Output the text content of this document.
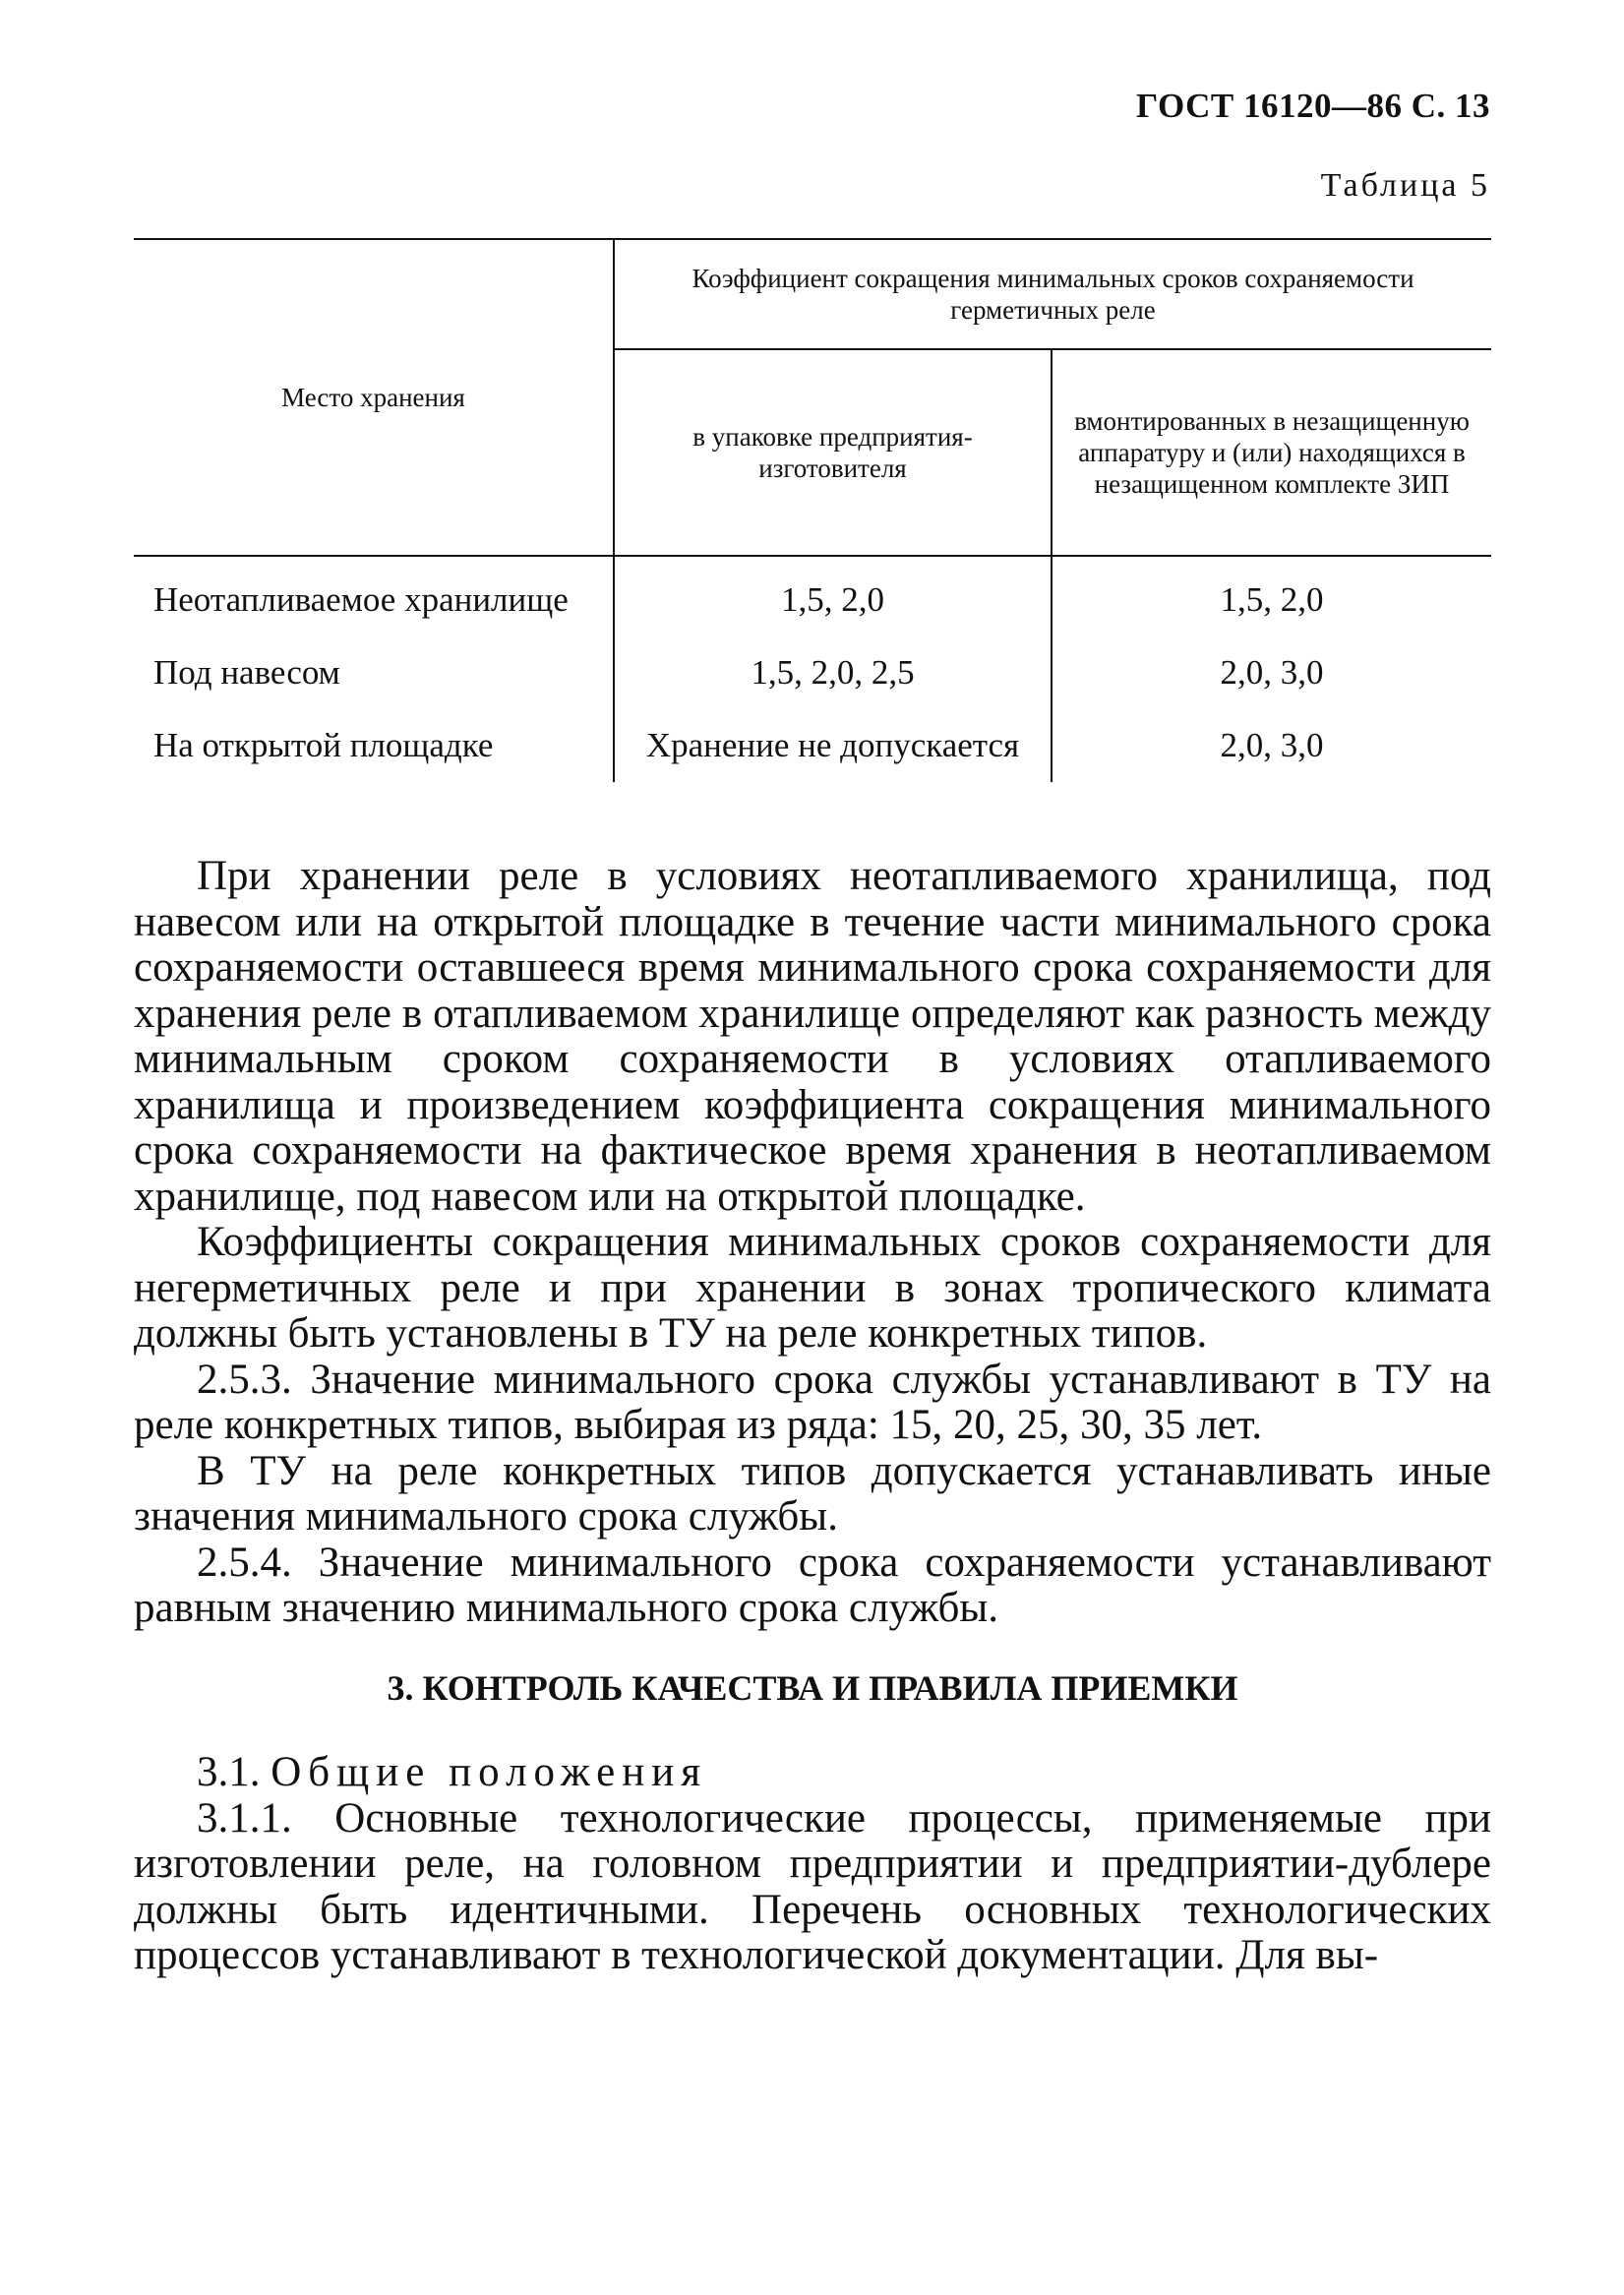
ГОСТ 16120—86 С. 13
Таблица 5
Место хранения	Коэффициент сокращения минимальных сроков сохраняемости герметичных реле	
	в упаковке предприятия-изготовителя	вмонтированных в незащищенную аппаратуру и (или) находящихся в незащищенном комплекте ЗИП
Неотапливаемое хранилище	1,5, 2,0	1,5, 2,0
Под навесом	1,5, 2,0, 2,5	2,0, 3,0
На открытой площадке	Хранение не допускается	2,0, 3,0

При хранении реле в условиях неотапливаемого хранилища, под навесом или на открытой площадке в течение части минимального срока сохраняемости оставшееся время минимального срока сохраняемости для хранения реле в отапливаемом хранилище определяют как разность между минимальным сроком сохраняемости в условиях отапливаемого хранилища и произведением коэффициента сокращения минимального срока сохраняемости на фактическое время хранения в неотапливаемом хранилище, под навесом или на открытой площадке.

Коэффициенты сокращения минимальных сроков сохраняемости для негерметичных реле и при хранении в зонах тропического климата должны быть установлены в ТУ на реле конкретных типов.

2.5.3. Значение минимального срока службы устанавливают в ТУ на реле конкретных типов, выбирая из ряда: 15, 20, 25, 30, 35 лет.

В ТУ на реле конкретных типов допускается устанавливать иные значения минимального срока службы.

2.5.4. Значение минимального срока сохраняемости устанавливают равным значению минимального срока службы.

3. КОНТРОЛЬ КАЧЕСТВА И ПРАВИЛА ПРИЕМКИ

3.1. Общие положения

3.1.1. Основные технологические процессы, применяемые при изготовлении реле, на головном предприятии и предприятии-дублере должны быть идентичными. Перечень основных технологических процессов устанавливают в технологической документации. Для вы-
